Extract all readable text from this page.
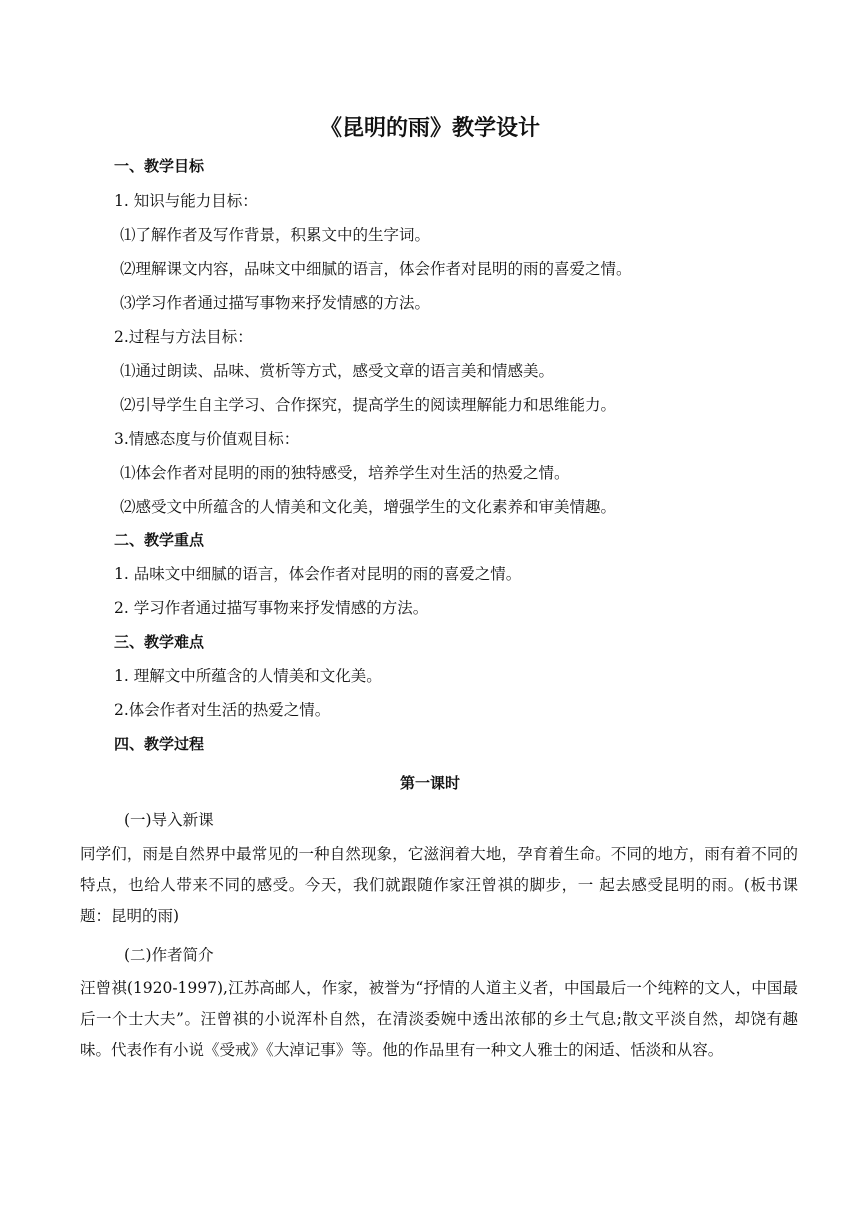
《昆明的雨》教学设计
一、教学目标
1. 知识与能力目标：
⑴了解作者及写作背景，积累文中的生字词。
⑵理解课文内容，品味文中细腻的语言，体会作者对昆明的雨的喜爱之情。
⑶学习作者通过描写事物来抒发情感的方法。
2.过程与方法目标：
⑴通过朗读、品味、赏析等方式，感受文章的语言美和情感美。
⑵引导学生自主学习、合作探究，提高学生的阅读理解能力和思维能力。
3.情感态度与价值观目标：
⑴体会作者对昆明的雨的独特感受，培养学生对生活的热爱之情。
⑵感受文中所蕴含的人情美和文化美，增强学生的文化素养和审美情趣。
二、教学重点
1. 品味文中细腻的语言，体会作者对昆明的雨的喜爱之情。
2. 学习作者通过描写事物来抒发情感的方法。
三、教学难点
1. 理解文中所蕴含的人情美和文化美。
2.体会作者对生活的热爱之情。
四、教学过程
第一课时
(一)导入新课
同学们，雨是自然界中最常见的一种自然现象，它滋润着大地，孕育着生命。不同的地方，雨有着不同的特点，也给人带来不同的感受。今天，我们就跟随作家汪曾祺的脚步，一 起去感受昆明的雨。(板书课题：昆明的雨)
(二)作者简介
汪曾祺(1920-1997),江苏高邮人，作家，被誉为“抒情的人道主义者，中国最后一个纯粹的文人，中国最后一个士大夫”。汪曾祺的小说浑朴自然，在清淡委婉中透出浓郁的乡土气息;散文平淡自然，却饶有趣味。代表作有小说《受戒》《大淖记事》等。他的作品里有一种文人雅士的闲适、恬淡和从容。
